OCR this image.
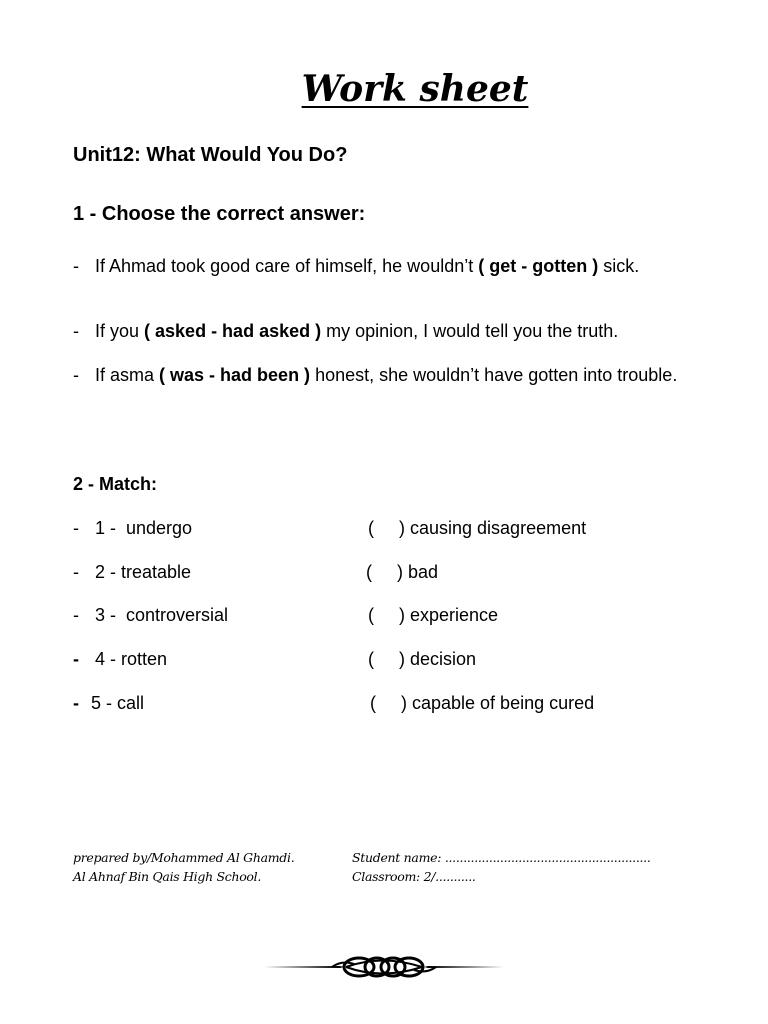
Work sheet
Unit12: What Would You Do?
1 - Choose the correct answer:
- If Ahmad took good care of himself, he wouldn’t ( get - gotten ) sick.
- If you ( asked - had asked ) my opinion, I would tell you the truth.
- If asma ( was - had been ) honest, she wouldn’t have gotten into trouble.
2 - Match:
- 1 -  undergo	(     ) causing disagreement
- 2 - treatable	(     ) bad
- 3 -  controversial	(     ) experience
- 4 - rotten	(     ) decision
- 5 - call	(     ) capable of being cured
prepared by/Mohammed Al Ghamdi.
Al Ahnaf Bin Qais High School.
Student name: ........................................................
Classroom: 2/...........
